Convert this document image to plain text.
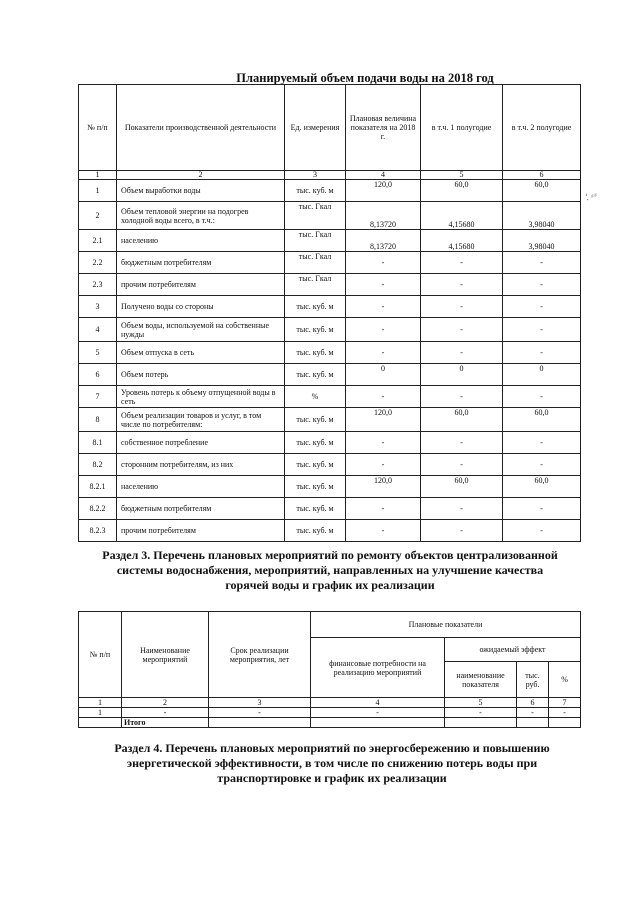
Планируемый объем подачи воды на 2018 год
⸵ ⸗⸗
№ п/п	Показатели производственной деятельности	Ед. измерения	Плановая величина показателя на 2018 г.	в т.ч. 1 полугодие	в т.ч. 2 полугодие
1	2	3	4	5	6
1	Объем выработки воды	тыс. куб. м	120,0	60,0	60,0
2	Объем тепловой энергии на подогрев холодной воды всего, в т.ч.:	тыс. Гкал	8,13720	4,15680	3,98040
2.1	населению	тыс. Гкал	8,13720	4,15680	3,98040
2.2	бюджетным потребителям	тыс. Гкал	-	-	-
2.3	прочим потребителям	тыс. Гкал	-	-	-
3	Получено воды со стороны	тыс. куб. м	-	-	-
4	Объем воды, используемой на собственные нужды	тыс. куб. м	-	-	-
5	Объем отпуска в сеть	тыс. куб. м	-	-	-
6	Объем потерь	тыс. куб. м	0	0	0
7	Уровень потерь к объему отпущенной воды в сеть	%	-	-	-
8	Объем реализации товаров и услуг, в том числе по потребителям:	тыс. куб. м	120,0	60,0	60,0
8.1	собственное потребление	тыс. куб. м	-	-	-
8.2	сторонним потребителям, из них	тыс. куб. м	-	-	-
8.2.1	населению	тыс. куб. м	120,0	60,0	60,0
8.2.2	бюджетным потребителям	тыс. куб. м	-	-	-
8.2.3	прочим потребителям	тыс. куб. м	-	-	-
Раздел 3. Перечень плановых мероприятий по ремонту объектов централизованной системы водоснабжения, мероприятий, направленных на улучшение качества горячей воды и график их реализации
№ п/п	Наименование мероприятий	Срок реализации мероприятия, лет	Плановые показатели			
			финансовые потребности на реализацию мероприятий	ожидаемый эффект		
				наименование показателя	тыс. руб.	%
1	2	3	4	5	6	7
1	-	-	-	-	-	-
	Итого					
Раздел 4. Перечень плановых мероприятий по энергосбережению и повышению энергетической эффективности, в том числе по снижению потерь воды при транспортировке и график их реализации
